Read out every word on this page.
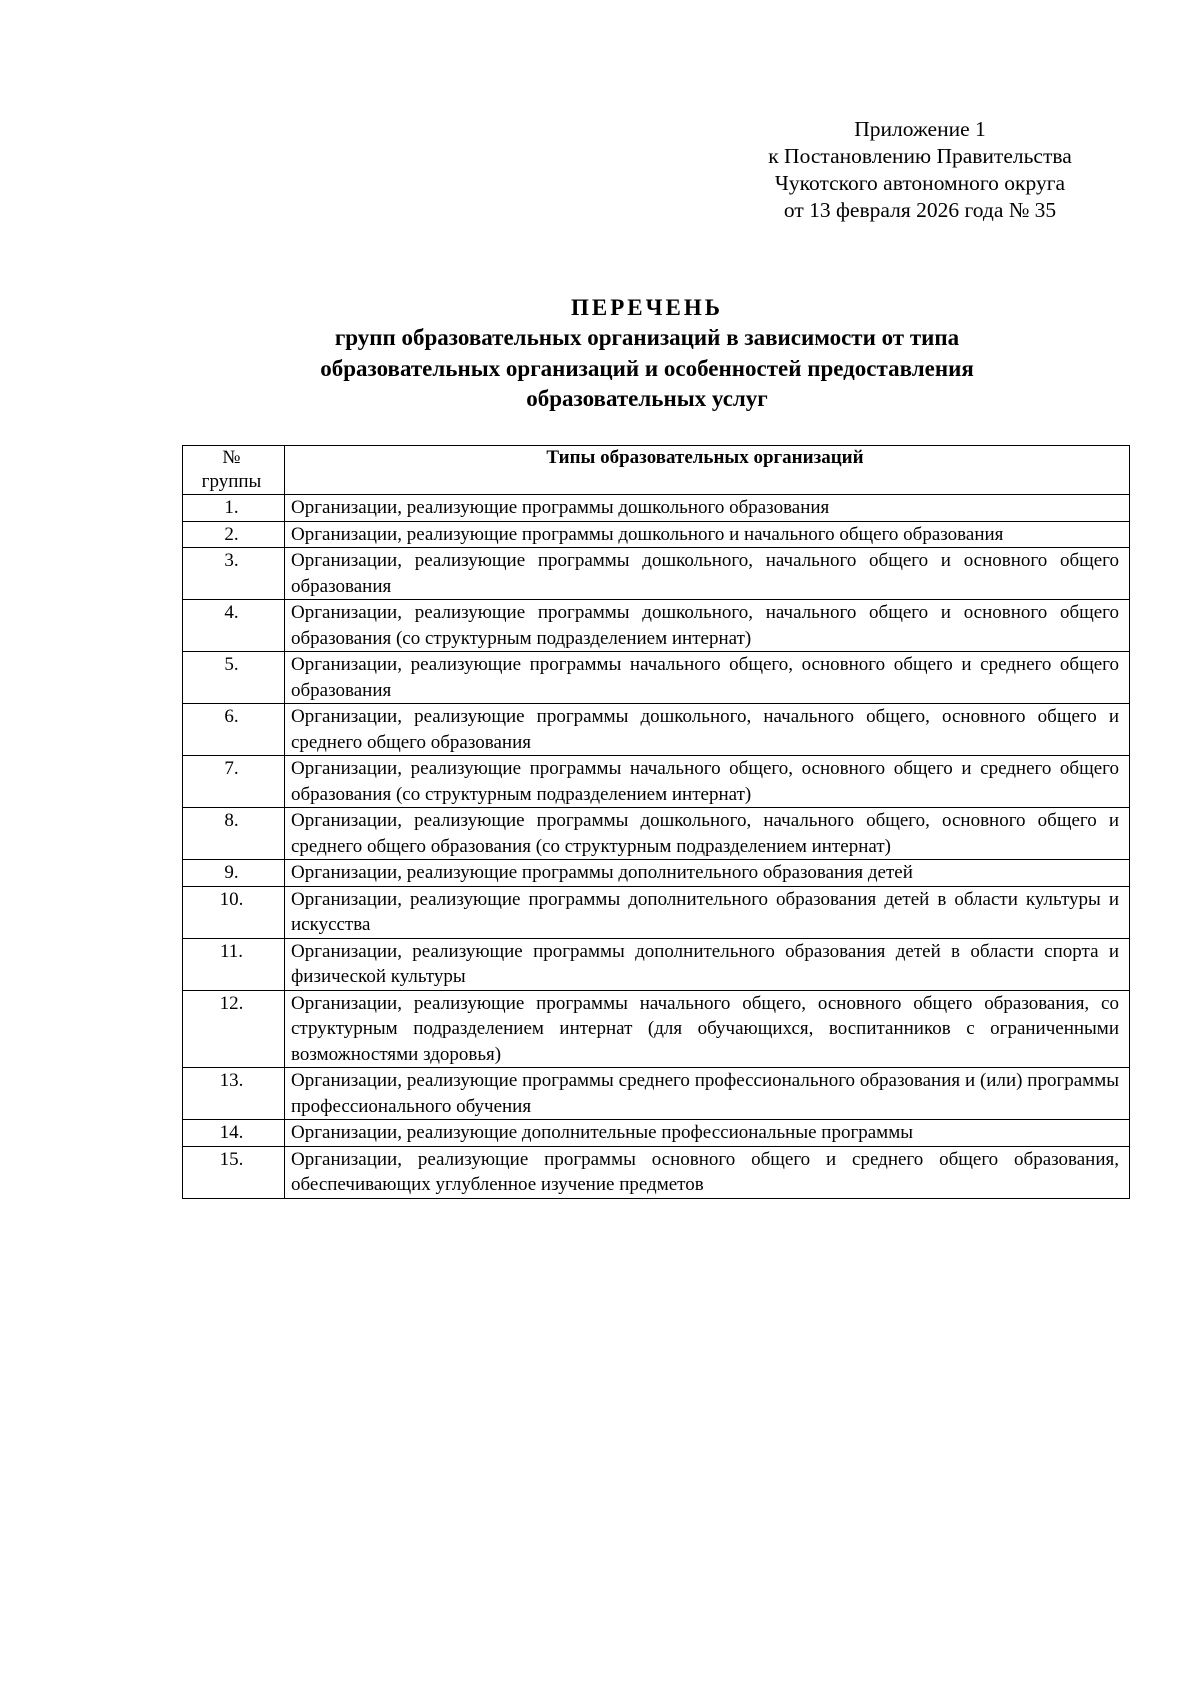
Приложение 1
к Постановлению Правительства
Чукотского автономного округа
от 13 февраля 2026 года № 35
ПЕРЕЧЕНЬ
групп образовательных организаций в зависимости от типа
образовательных организаций и особенностей предоставления
образовательных услуг
№
группы	Типы образовательных организаций
1.	Организации, реализующие программы дошкольного образования
2.	Организации, реализующие программы дошкольного и начального общего образования
3.	Организации, реализующие программы дошкольного, начального общего и основного общего образования
4.	Организации, реализующие программы дошкольного, начального общего и основного общего образования (со структурным подразделением интернат)
5.	Организации, реализующие программы начального общего, основного общего и среднего общего образования
6.	Организации, реализующие программы дошкольного, начального общего, основного общего и среднего общего образования
7.	Организации, реализующие программы начального общего, основного общего и среднего общего образования (со структурным подразделением интернат)
8.	Организации, реализующие программы дошкольного, начального общего, основного общего и среднего общего образования (со структурным подразделением интернат)
9.	Организации, реализующие программы дополнительного образования детей
10.	Организации, реализующие программы дополнительного образования детей в области культуры и искусства
11.	Организации, реализующие программы дополнительного образования детей в области спорта и физической культуры
12.	Организации, реализующие программы начального общего, основного общего образования, со структурным подразделением интернат (для обучающихся, воспитанников с ограниченными возможностями здоровья)
13.	Организации, реализующие программы среднего профессионального образования и (или) программы профессионального обучения
14.	Организации, реализующие дополнительные профессиональные программы
15.	Организации, реализующие программы основного общего и среднего общего образования, обеспечивающих углубленное изучение предметов
